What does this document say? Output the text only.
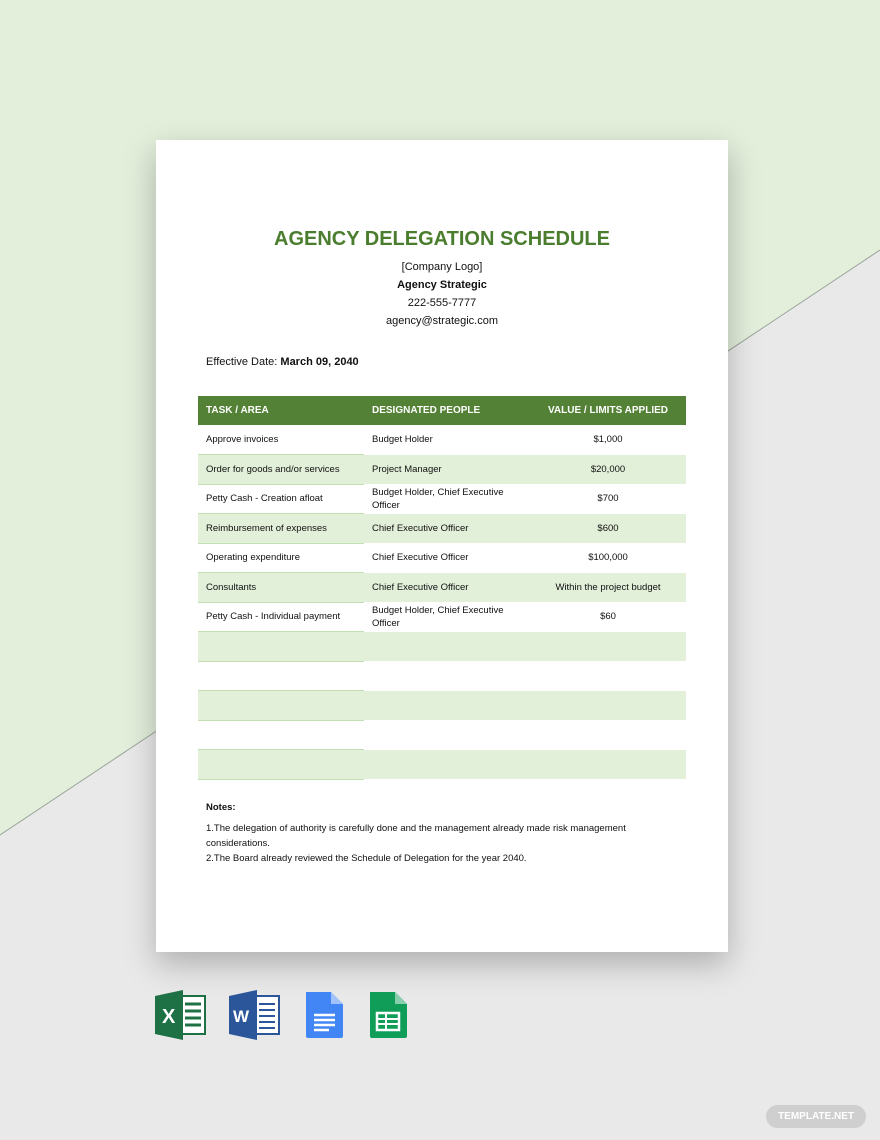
AGENCY DELEGATION SCHEDULE
[Company Logo]
Agency Strategic
222-555-7777
agency@strategic.com
Effective Date: March 09, 2040
TASK / AREA	DESIGNATED PEOPLE	VALUE / LIMITS APPLIED
Approve invoices	Budget Holder	$1,000
Order for goods and/or services	Project Manager	$20,000
Petty Cash - Creation afloat	Budget Holder, Chief Executive Officer	$700
Reimbursement of expenses	Chief Executive Officer	$600
Operating expenditure	Chief Executive Officer	$100,000
Consultants	Chief Executive Officer	Within the project budget
Petty Cash - Individual payment	Budget Holder, Chief Executive Officer	$60

Notes:
1.The delegation of authority is carefully done and the management already made risk management considerations.
2.The Board already reviewed the Schedule of Delegation for the year 2040.
X	W
TEMPLATE.NET
